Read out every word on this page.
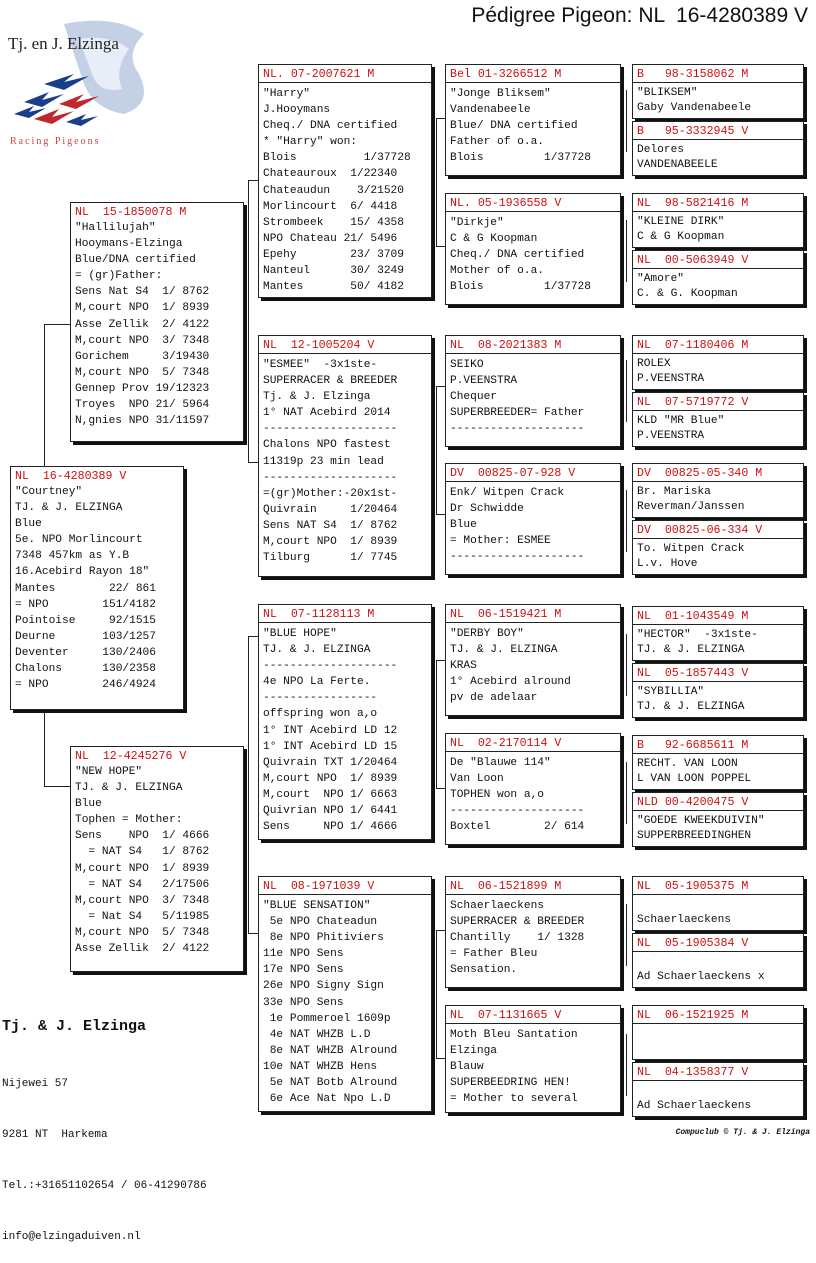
Pédigree Pigeon: NL  16-4280389 V
Tj. en J. Elzinga
Racing Pigeons
NL  16-4280389 V
"Courtney"
TJ. & J. ELZINGA
Blue
5e. NPO Morlincourt
7348 457km as Y.B
16.Acebird Rayon 18"
Mantes        22/ 861
= NPO        151/4182
Pointoise     92/1515
Deurne       103/1257
Deventer     130/2406
Chalons      130/2358
= NPO        246/4924
NL  15-1850078 M
"Hallilujah"
Hooymans-Elzinga
Blue/DNA certified
= (gr)Father:
Sens Nat S4  1/ 8762
M,court NPO  1/ 8939
Asse Zellik  2/ 4122
M,court NPO  3/ 7348
Gorichem     3/19430
M,court NPO  5/ 7348
Gennep Prov 19/12323
Troyes  NPO 21/ 5964
N,gnies NPO 31/11597
NL  12-4245276 V
"NEW HOPE"
TJ. & J. ELZINGA
Blue
Tophen = Mother:
Sens    NPO  1/ 4666
= NAT S4   1/ 8762
M,court NPO  1/ 8939
= NAT S4   2/17506
M,court NPO  3/ 7348
= Nat S4   5/11985
M,court NPO  5/ 7348
Asse Zellik  2/ 4122
NL. 07-2007621 M
"Harry"
J.Hooymans
Cheq./ DNA certified
* "Harry" won:
Blois          1/37728
Chateauroux  1/22340
Chateaudun    3/21520
Morlincourt  6/ 4418
Strombeek    15/ 4358
NPO Chateau 21/ 5496
Epehy        23/ 3709
Nanteul      30/ 3249
Mantes       50/ 4182
NL  12-1005204 V
"ESMEE"  -3x1ste-
SUPERRACER & BREEDER
Tj. & J. Elzinga
1° NAT Acebird 2014
--------------------
Chalons NPO fastest
11319p 23 min lead
--------------------
=(gr)Mother:-20x1st-
Quivrain     1/20464
Sens NAT S4  1/ 8762
M,court NPO  1/ 8939
Tilburg      1/ 7745
NL  07-1128113 M
"BLUE HOPE"
TJ. & J. ELZINGA
--------------------
4e NPO La Ferte.
-----------------
offspring won a,o
1° INT Acebird LD 12
1° INT Acebird LD 15
Quivrain TXT 1/20464
M,court NPO  1/ 8939
M,court  NPO 1/ 6663
Quivrian NPO 1/ 6441
Sens     NPO 1/ 4666
NL  08-1971039 V
"BLUE SENSATION"
5e NPO Chateadun
8e NPO Phitiviers
11e NPO Sens
17e NPO Sens
26e NPO Signy Sign
33e NPO Sens
1e Pommeroel 1609p
4e NAT WHZB L.D
8e NAT WHZB Alround
10e NAT WHZB Hens
5e NAT Botb Alround
6e Ace Nat Npo L.D
Bel 01-3266512 M
"Jonge Bliksem"
Vandenabeele
Blue/ DNA certified
Father of o.a.
Blois         1/37728
NL. 05-1936558 V
"Dirkje"
C & G Koopman
Cheq./ DNA certified
Mother of o.a.
Blois         1/37728
NL  08-2021383 M
SEIKO
P.VEENSTRA
Chequer
SUPERBREEDER= Father
--------------------
DV  00825-07-928 V
Enk/ Witpen Crack
Dr Schwidde
Blue
= Mother: ESMEE
--------------------
NL  06-1519421 M
"DERBY BOY"
TJ. & J. ELZINGA
KRAS
1° Acebird alround
pv de adelaar
NL  02-2170114 V
De "Blauwe 114"
Van Loon
TOPHEN won a,o
--------------------
Boxtel        2/ 614
NL  06-1521899 M
Schaerlaeckens
SUPERRACER & BREEDER
Chantilly    1/ 1328
= Father Bleu
Sensation.
NL  07-1131665 V
Moth Bleu Santation
Elzinga
Blauw
SUPERBEEDRING HEN!
= Mother to several
B   98-3158062 M
"BLIKSEM"
Gaby Vandenabeele
B   95-3332945 V
Delores
VANDENABEELE
NL  98-5821416 M
"KLEINE DIRK"
C & G Koopman
NL  00-5063949 V
"Amore"
C. & G. Koopman
NL  07-1180406 M
ROLEX
P.VEENSTRA
NL  07-5719772 V
KLD "MR Blue"
P.VEENSTRA
DV  00825-05-340 M
Br. Mariska
Reverman/Janssen
DV  00825-06-334 V
To. Witpen Crack
L.v. Hove
NL  01-1043549 M
"HECTOR"  -3x1ste-
TJ. & J. ELZINGA
NL  05-1857443 V
"SYBILLIA"
TJ. & J. ELZINGA
B   92-6685611 M
RECHT. VAN LOON
L VAN LOON POPPEL
NLD 00-4200475 V
"GOEDE KWEEKDUIVIN"
SUPPERBREEDINGHEN
NL  05-1905375 M

Schaerlaeckens
NL  05-1905384 V

Ad Schaerlaeckens x
NL  06-1521925 M

NL  04-1358377 V

Ad Schaerlaeckens
Tj. & J. Elzinga

Nijewei 57

9281 NT  Harkema

Tel.:+31651102654 / 06-41290786

info@elzingaduiven.nl

Compuclub © Tj. & J. Elzinga
